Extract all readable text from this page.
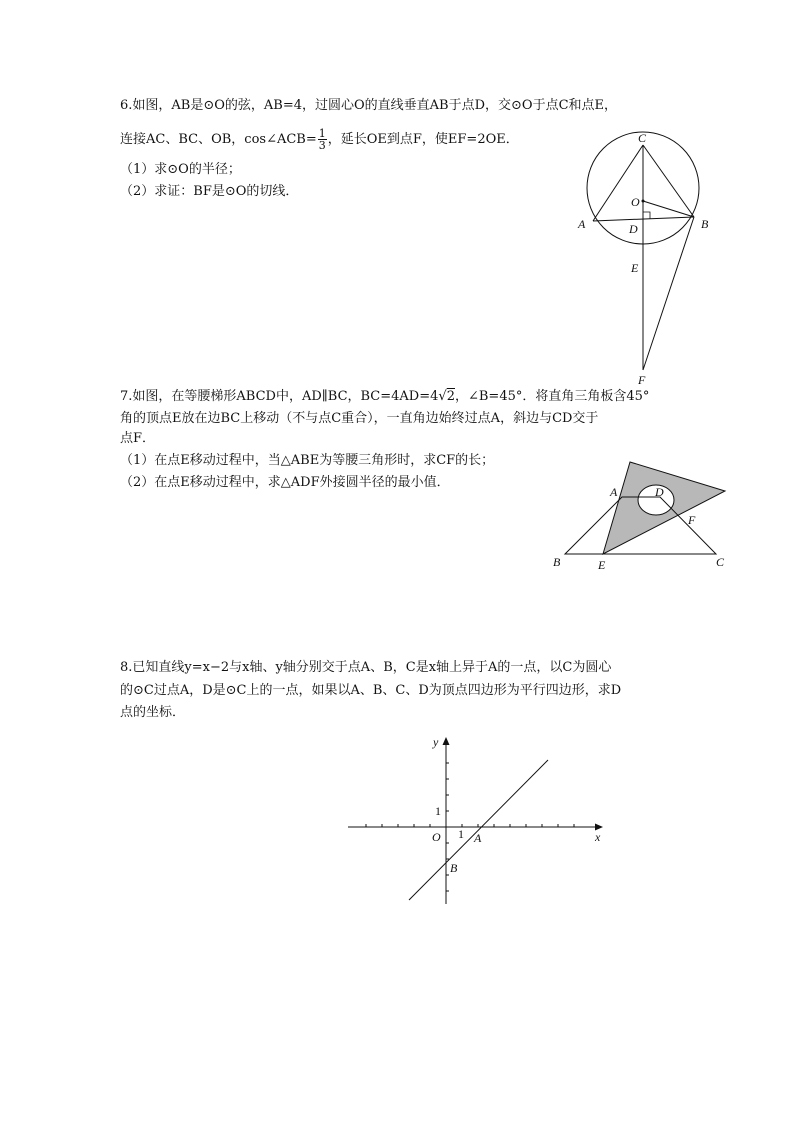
6.如图，AB是⊙O的弦，AB=4，过圆心O的直线垂直AB于点D，交⊙O于点C和点E，
连接AC、BC、OB，cos∠ACB= $\frac{1}{3}$ ，延长OE到点F，使EF=2OE．
（1）求⊙O的半径；
（2）求证：BF是⊙O的切线．
C
O
A	D	B
E
F
7.如图，在等腰梯形ABCD中，AD∥BC，BC=4AD=4√2，∠B=45°．将直角三角板含45°
角的顶点E放在边BC上移动（不与点C重合），一直角边始终过点A，斜边与CD交于
点F．
（1）在点E移动过程中，当△ABE为等腰三角形时，求CF的长；
（2）在点E移动过程中，求△ADF外接圆半径的最小值．
A	D
F
B	E	C
8.已知直线y=x−2与x轴、y轴分别交于点A、B，C是x轴上异于A的一点，以C为圆心
的⊙C过点A，D是⊙C上的一点，如果以A、B、C、D为顶点四边形为平行四边形，求D
点的坐标．
y
x
1
O 1 A
B
